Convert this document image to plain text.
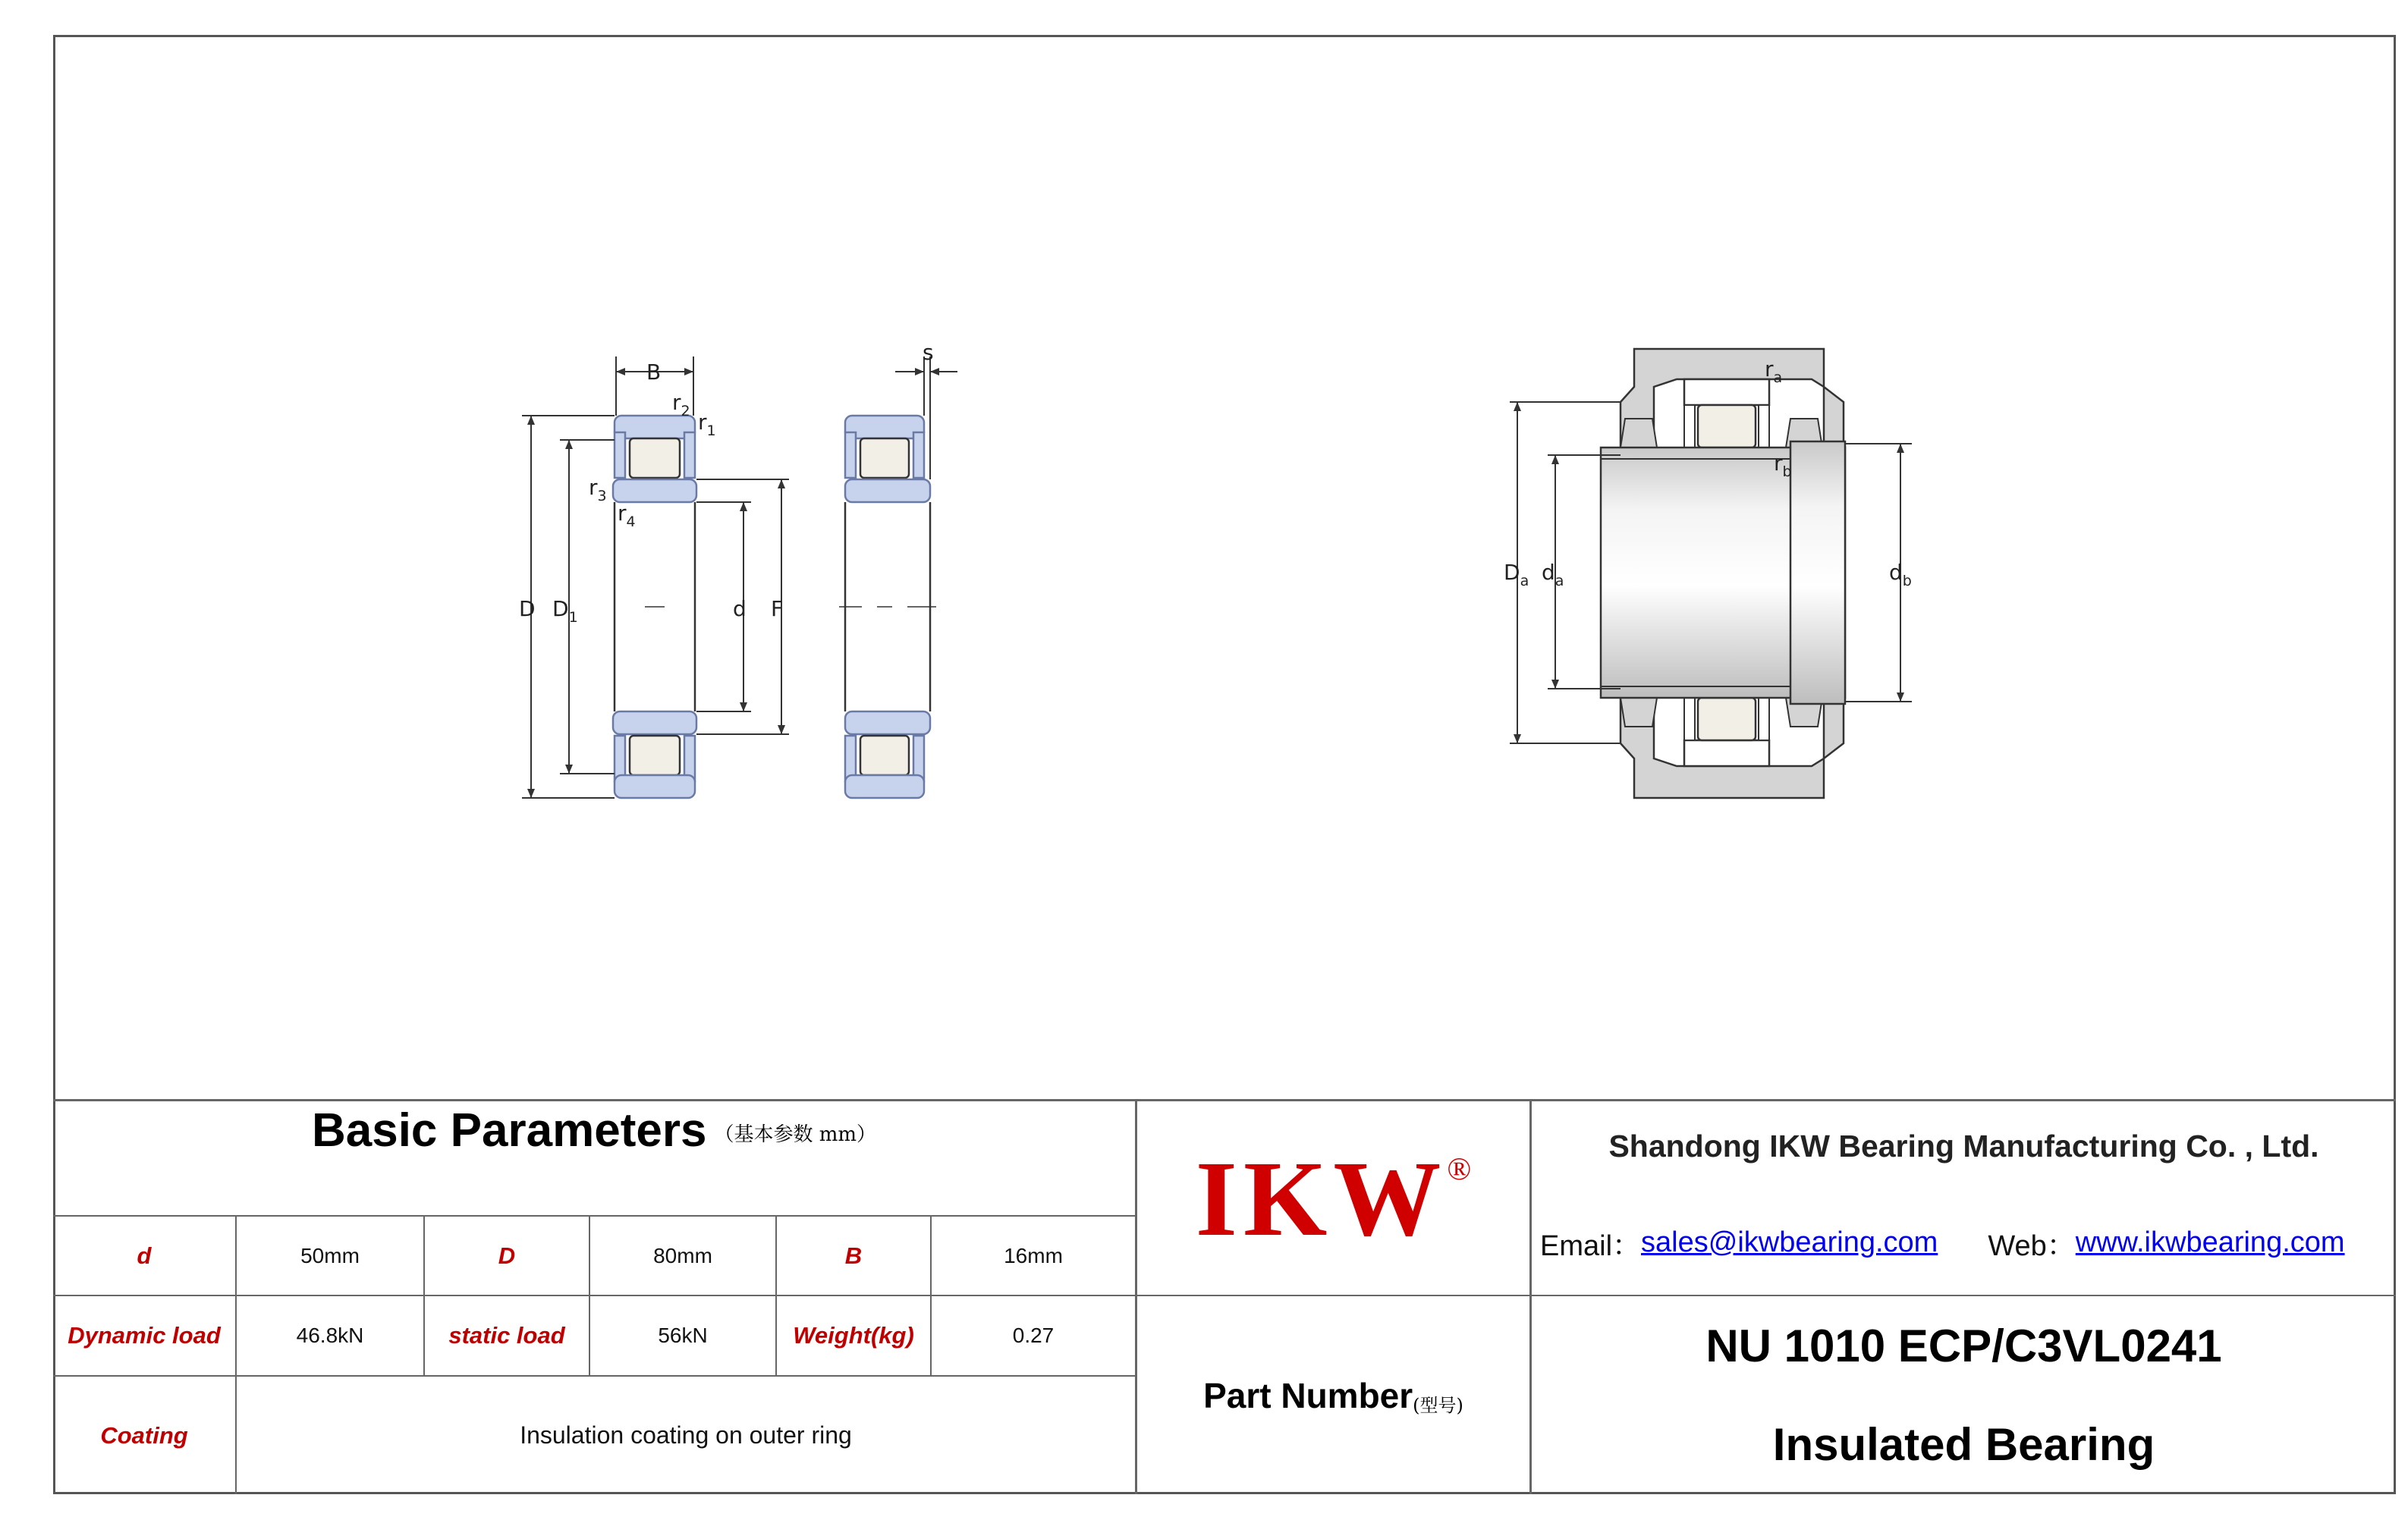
B
$r_2$ $r_1$
$r_3$
$r_4$
D $D_1$	d F
s
$r_a$
$r_b$
$D_a$ $d_a$	$d_b$
Basic Parameters （基本参数 mm）
d	50mm	D	80mm	B	16mm
Dynamic load	46.8kN	static load	56kN	Weight(kg)	0.27
Coating	Insulation coating on outer ring
IKW ®
Part Number (型号)
Shandong IKW Bearing Manufacturing Co. , Ltd.
Email： sales@ikwbearing.com Web： www.ikwbearing.com
NU 1010 ECP/C3VL0241
Insulated Bearing
